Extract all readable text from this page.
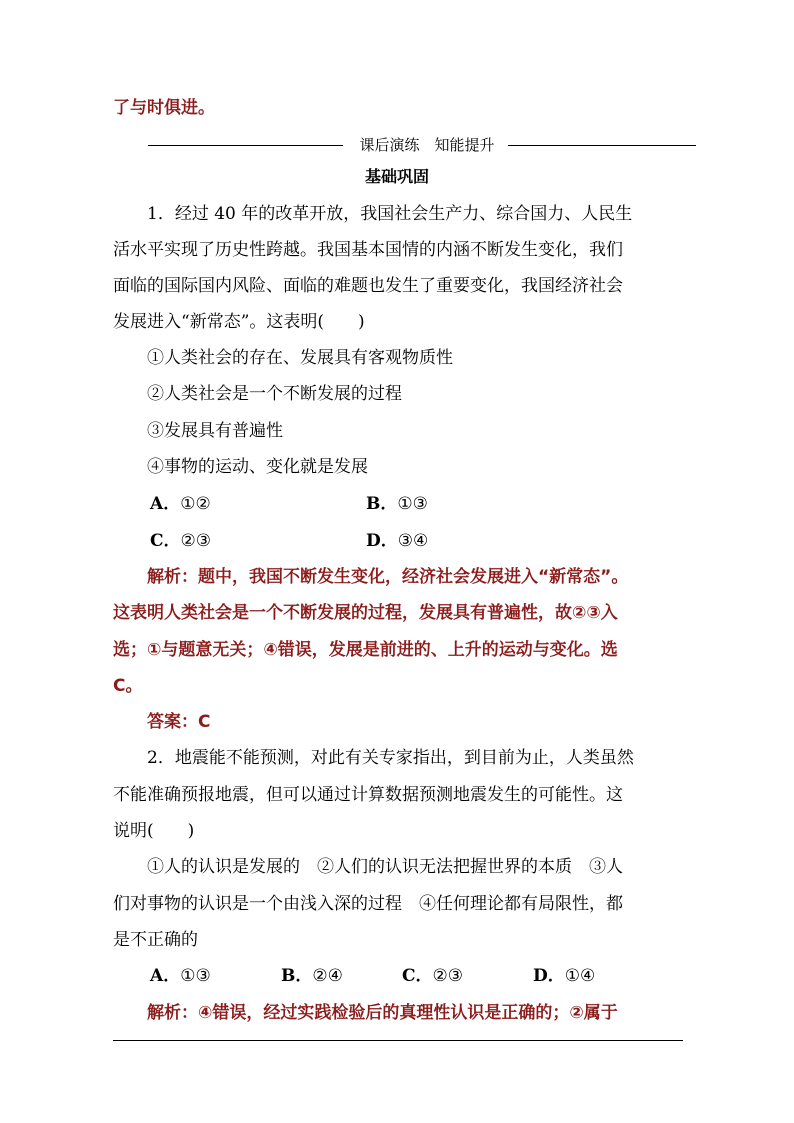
了与时俱进。
课后演练　知能提升
基础巩固
1．经过 40 年的改革开放，我国社会生产力、综合国力、人民生
活水平实现了历史性跨越。我国基本国情的内涵不断发生变化，我们
面临的国际国内风险、面临的难题也发生了重要变化，我国经济社会
发展进入“新常态”。这表明(　　)
①人类社会的存在、发展具有客观物质性
②人类社会是一个不断发展的过程
③发展具有普遍性
④事物的运动、变化就是发展
A．①②	B．①③
C．②③	D．③④
解析：题中，我国不断发生变化，经济社会发展进入“新常态”。
这表明人类社会是一个不断发展的过程，发展具有普遍性，故②③入
选；①与题意无关；④错误，发展是前进的、上升的运动与变化。选
C。
答案：C
2．地震能不能预测，对此有关专家指出，到目前为止，人类虽然
不能准确预报地震，但可以通过计算数据预测地震发生的可能性。这
说明(　　)
①人的认识是发展的　②人们的认识无法把握世界的本质　③人
们对事物的认识是一个由浅入深的过程　④任何理论都有局限性，都
是不正确的
A．①③	B．②④	C．②③	D．①④
解析：④错误，经过实践检验后的真理性认识是正确的；②属于
